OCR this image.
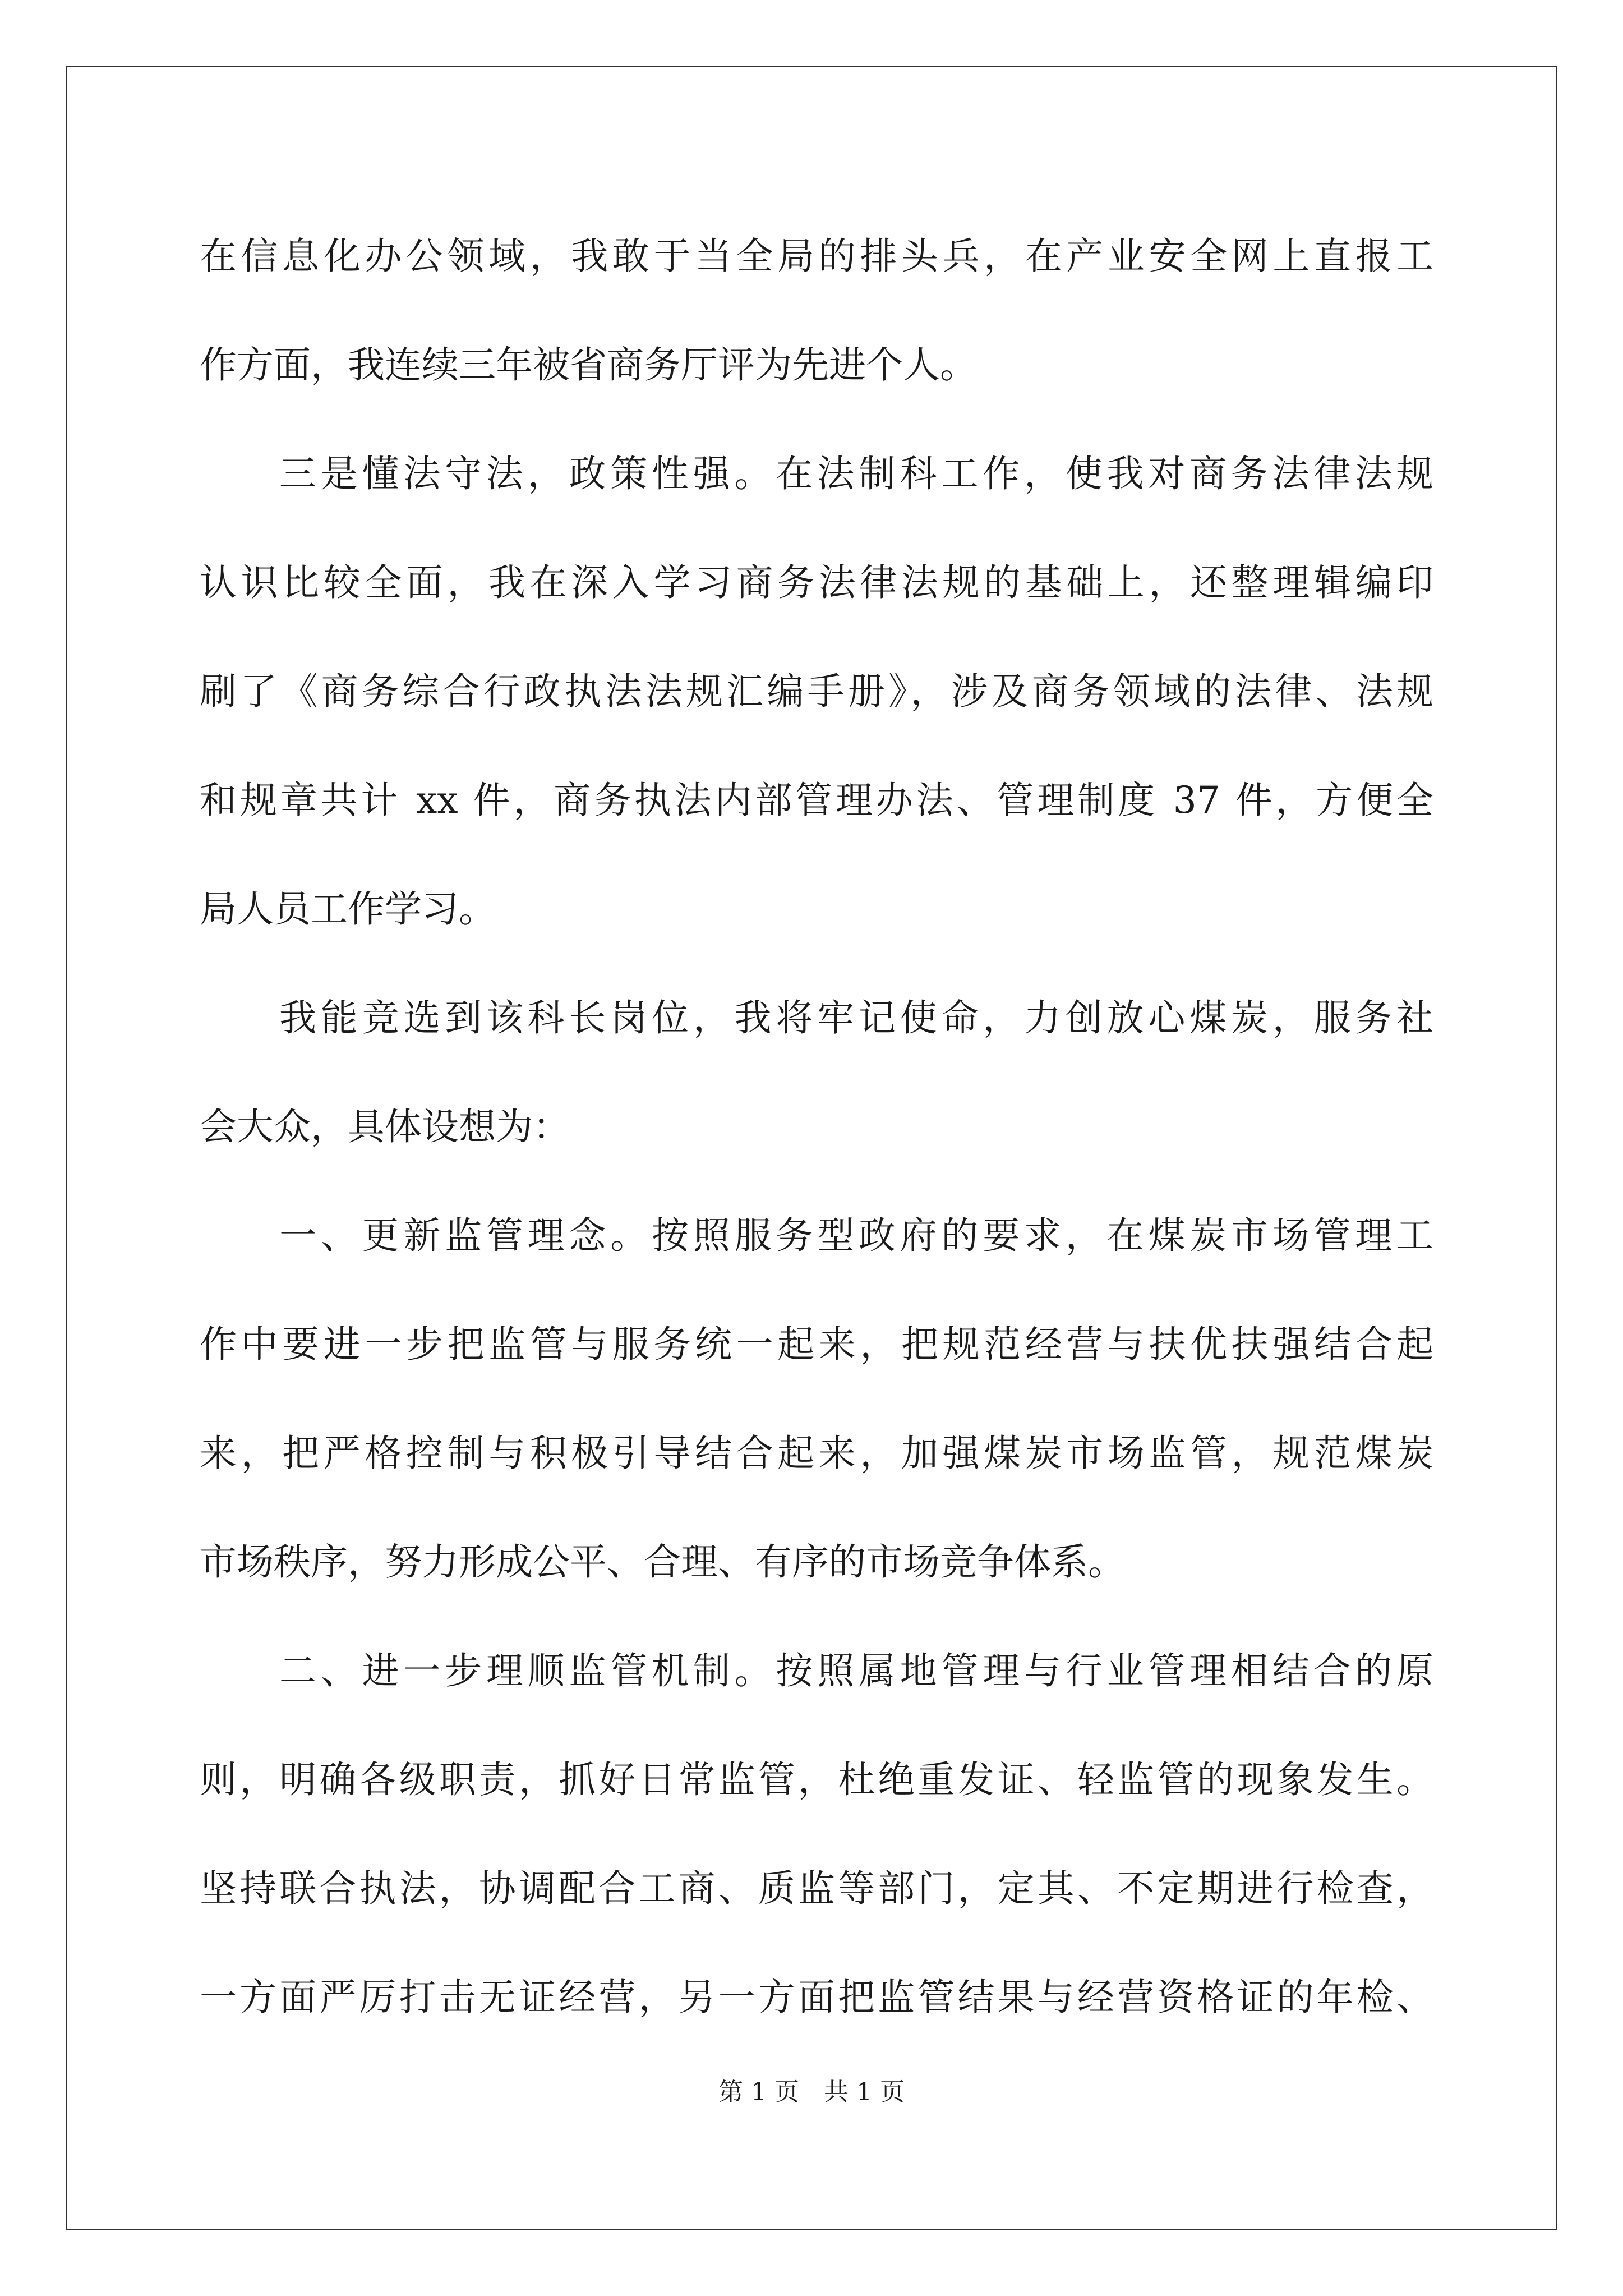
在信息化办公领域，我敢于当全局的排头兵，在产业安全网上直报工
作方面，我连续三年被省商务厅评为先进个人。
三是懂法守法，政策性强。在法制科工作，使我对商务法律法规
认识比较全面，我在深入学习商务法律法规的基础上，还整理辑编印
刷了《商务综合行政执法法规汇编手册》，涉及商务领域的法律、法规
和规章共计 xx 件，商务执法内部管理办法、管理制度 37 件，方便全
局人员工作学习。
我能竞选到该科长岗位，我将牢记使命，力创放心煤炭，服务社
会大众，具体设想为：
一、更新监管理念。按照服务型政府的要求，在煤炭市场管理工
作中要进一步把监管与服务统一起来，把规范经营与扶优扶强结合起
来，把严格控制与积极引导结合起来，加强煤炭市场监管，规范煤炭
市场秩序，努力形成公平、合理、有序的市场竞争体系。
二、进一步理顺监管机制。按照属地管理与行业管理相结合的原
则，明确各级职责，抓好日常监管，杜绝重发证、轻监管的现象发生。
坚持联合执法，协调配合工商、质监等部门，定其、不定期进行检查，
一方面严厉打击无证经营，另一方面把监管结果与经营资格证的年检、
第 1 页　共 1 页
